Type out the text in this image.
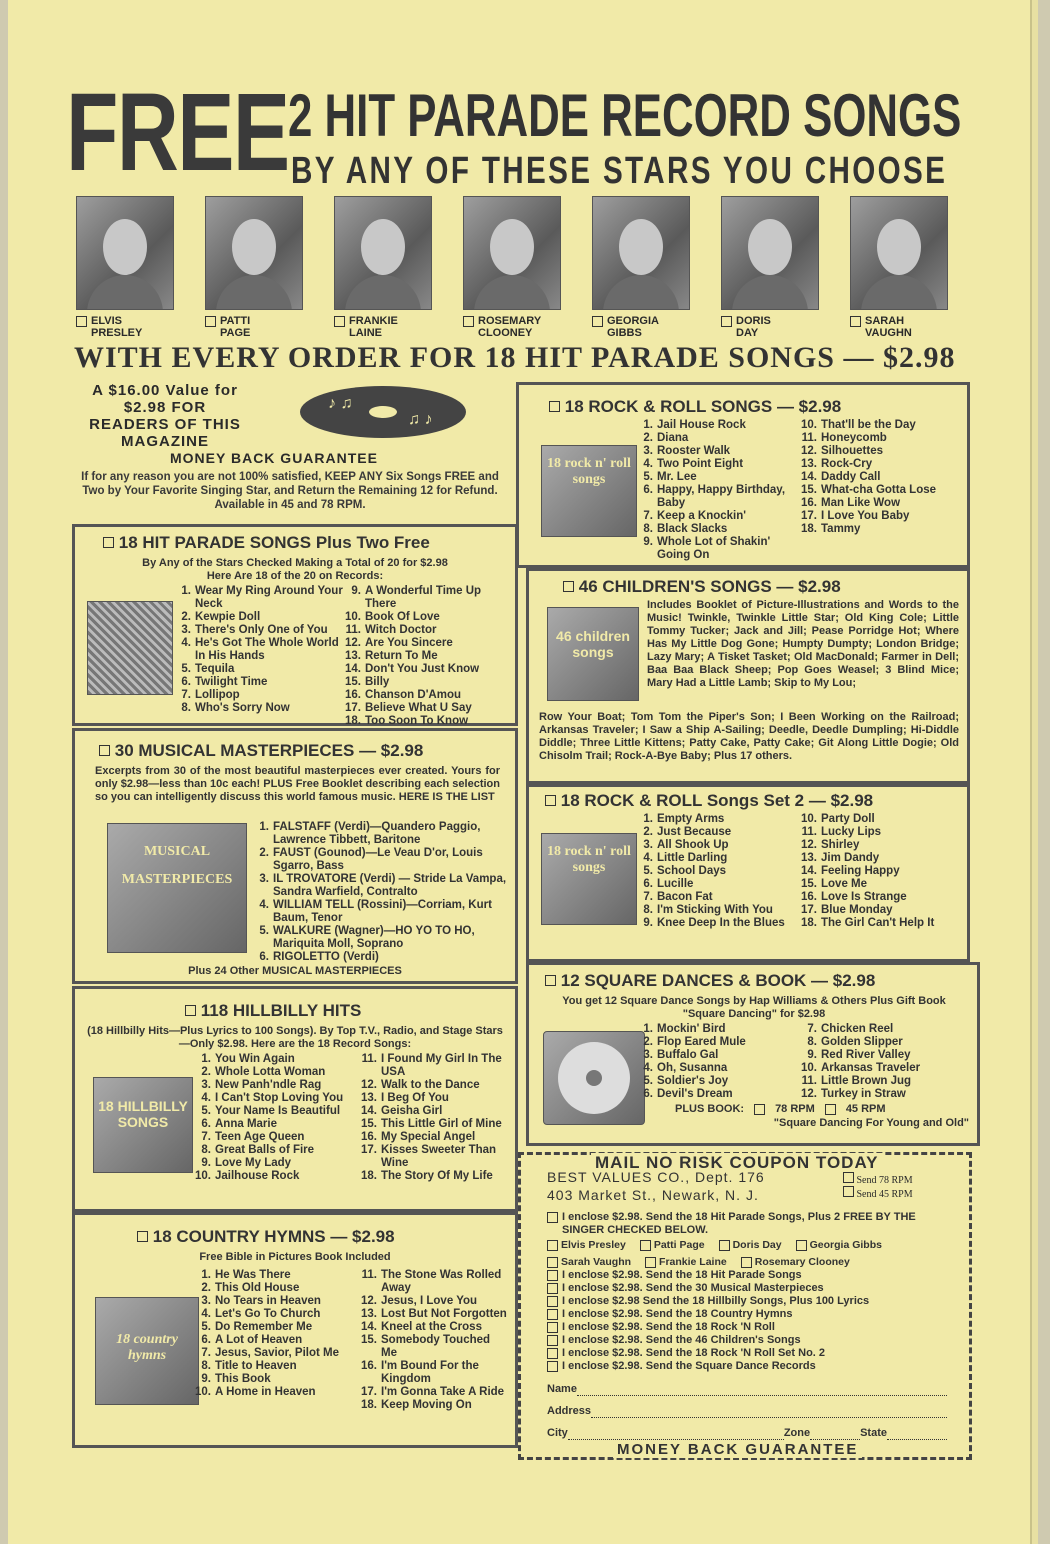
FREE 2 HIT PARADE RECORD SONGS
BY ANY OF THESE STARS YOU CHOOSE
ELVIS
PRESLEY
PATTI
PAGE
FRANKIE
LAINE
ROSEMARY
CLOONEY
GEORGIA
GIBBS
DORIS
DAY
SARAH
VAUGHN
WITH EVERY ORDER FOR 18 HIT PARADE SONGS — $2.98
A $16.00 Value for
$2.98 FOR
READERS OF THIS
MAGAZINE
♪ ♫
♫ ♪
MONEY BACK GUARANTEE
If for any reason you are not 100% satisfied, KEEP ANY Six Songs FREE and Two by Your Favorite Singing Star, and Return the Remaining 12 for Refund. Available in 45 and 78 RPM.
18 HIT PARADE SONGS Plus Two Free
By Any of the Stars Checked Making a Total of 20 for $2.98
Here Are 18 of the 20 on Records:
1. Wear My Ring Around Your Neck
2. Kewpie Doll
3. There's Only One of You
4. He's Got The Whole World In His Hands
5. Tequila
6. Twilight Time
7. Lollipop
8. Who's Sorry Now
9. A Wonderful Time Up There
10. Book Of Love
11. Witch Doctor
12. Are You Sincere
13. Return To Me
14. Don't You Just Know
15. Billy
16. Chanson D'Amou
17. Believe What U Say
18. Too Soon To Know
30 MUSICAL MASTERPIECES — $2.98
Excerpts from 30 of the most beautiful masterpieces ever created. Yours for only $2.98—less than 10c each! PLUS Free Booklet describing each selection so you can intelligently discuss this world famous music. HERE IS THE LIST
MUSICAL MASTERPIECES
1. FALSTAFF (Verdi)—Quandero Paggio, Lawrence Tibbett, Baritone
2. FAUST (Gounod)—Le Veau D'or, Louis Sgarro, Bass
3. IL TROVATORE (Verdi) — Stride La Vampa, Sandra Warfield, Contralto
4. WILLIAM TELL (Rossini)—Corriam, Kurt Baum, Tenor
5. WALKURE (Wagner)—HO YO TO HO, Mariquita Moll, Soprano
6. RIGOLETTO (Verdi)
Plus 24 Other MUSICAL MASTERPIECES
118 HILLBILLY HITS
(18 Hillbilly Hits—Plus Lyrics to 100 Songs). By Top T.V., Radio, and Stage Stars—Only $2.98. Here are the 18 Record Songs:
18 HILLBILLY SONGS
1. You Win Again
2. Whole Lotta Woman
3. New Panh'ndle Rag
4. I Can't Stop Loving You
5. Your Name Is Beautiful
6. Anna Marie
7. Teen Age Queen
8. Great Balls of Fire
9. Love My Lady
10. Jailhouse Rock
11. I Found My Girl In The USA
12. Walk to the Dance
13. I Beg Of You
14. Geisha Girl
15. This Little Girl of Mine
16. My Special Angel
17. Kisses Sweeter Than Wine
18. The Story Of My Life
18 COUNTRY HYMNS — $2.98
Free Bible in Pictures Book Included
18 country hymns
1. He Was There
2. This Old House
3. No Tears in Heaven
4. Let's Go To Church
5. Do Remember Me
6. A Lot of Heaven
7. Jesus, Savior, Pilot Me
8. Title to Heaven
9. This Book
10. A Home in Heaven
11. The Stone Was Rolled Away
12. Jesus, I Love You
13. Lost But Not Forgotten
14. Kneel at the Cross
15. Somebody Touched Me
16. I'm Bound For the Kingdom
17. I'm Gonna Take A Ride
18. Keep Moving On
18 ROCK & ROLL SONGS — $2.98
18 rock n' roll songs
1. Jail House Rock
2. Diana
3. Rooster Walk
4. Two Point Eight
5. Mr. Lee
6. Happy, Happy Birthday, Baby
7. Keep a Knockin'
8. Black Slacks
9. Whole Lot of Shakin' Going On
10. That'll be the Day
11. Honeycomb
12. Silhouettes
13. Rock-Cry
14. Daddy Call
15. What-cha Gotta Lose
16. Man Like Wow
17. I Love You Baby
18. Tammy
46 CHILDREN'S SONGS — $2.98
46 children songs
Includes Booklet of Picture-Illustrations and Words to the Music! Twinkle, Twinkle Little Star; Old King Cole; Little Tommy Tucker; Jack and Jill; Pease Porridge Hot; Where Has My Little Dog Gone; Humpty Dumpty; London Bridge; Lazy Mary; A Tisket Tasket; Old MacDonald; Farmer in Dell; Baa Baa Black Sheep; Pop Goes Weasel; 3 Blind Mice; Mary Had a Little Lamb; Skip to My Lou;
Row Your Boat; Tom Tom the Piper's Son; I Been Working on the Railroad; Arkansas Traveler; I Saw a Ship A-Sailing; Deedle, Deedle Dumpling; Hi-Diddle Diddle; Three Little Kittens; Patty Cake, Patty Cake; Git Along Little Dogie; Old Chisolm Trail; Rock-A-Bye Baby; Plus 17 others.
18 ROCK & ROLL Songs Set 2 — $2.98
18 rock n' roll songs
1. Empty Arms
2. Just Because
3. All Shook Up
4. Little Darling
5. School Days
6. Lucille
7. Bacon Fat
8. I'm Sticking With You
9. Knee Deep In the Blues
10. Party Doll
11. Lucky Lips
12. Shirley
13. Jim Dandy
14. Feeling Happy
15. Love Me
16. Love Is Strange
17. Blue Monday
18. The Girl Can't Help It
12 SQUARE DANCES & BOOK — $2.98
You get 12 Square Dance Songs by Hap Williams & Others Plus Gift Book "Square Dancing" for $2.98
1. Mockin' Bird
2. Flop Eared Mule
3. Buffalo Gal
4. Oh, Susanna
5. Soldier's Joy
6. Devil's Dream
7. Chicken Reel
8. Golden Slipper
9. Red River Valley
10. Arkansas Traveler
11. Little Brown Jug
12. Turkey in Straw
PLUS BOOK:	78 RPM	45 RPM
"Square Dancing For Young and Old"
MAIL NO RISK COUPON TODAY
BEST VALUES CO., Dept. 176
403 Market St., Newark, N. J.
Send 78 RPM
Send 45 RPM
I enclose $2.98. Send the 18 Hit Parade Songs, Plus 2 FREE BY THE SINGER CHECKED BELOW.
Elvis Presley	Patti Page	Doris Day	Georgia Gibbs
Sarah Vaughn	Frankie Laine	Rosemary Clooney
I enclose $2.98. Send the 18 Hit Parade Songs
I enclose $2.98. Send the 30 Musical Masterpieces
I enclose $2.98 Send the 18 Hillbilly Songs, Plus 100 Lyrics
I enclose $2.98. Send the 18 Country Hymns
I enclose $2.98. Send the 18 Rock 'N Roll
I enclose $2.98. Send the 46 Children's Songs
I enclose $2.98. Send the 18 Rock 'N Roll Set No. 2
I enclose $2.98. Send the Square Dance Records
Name
Address
City	Zone	State
MONEY BACK GUARANTEE
